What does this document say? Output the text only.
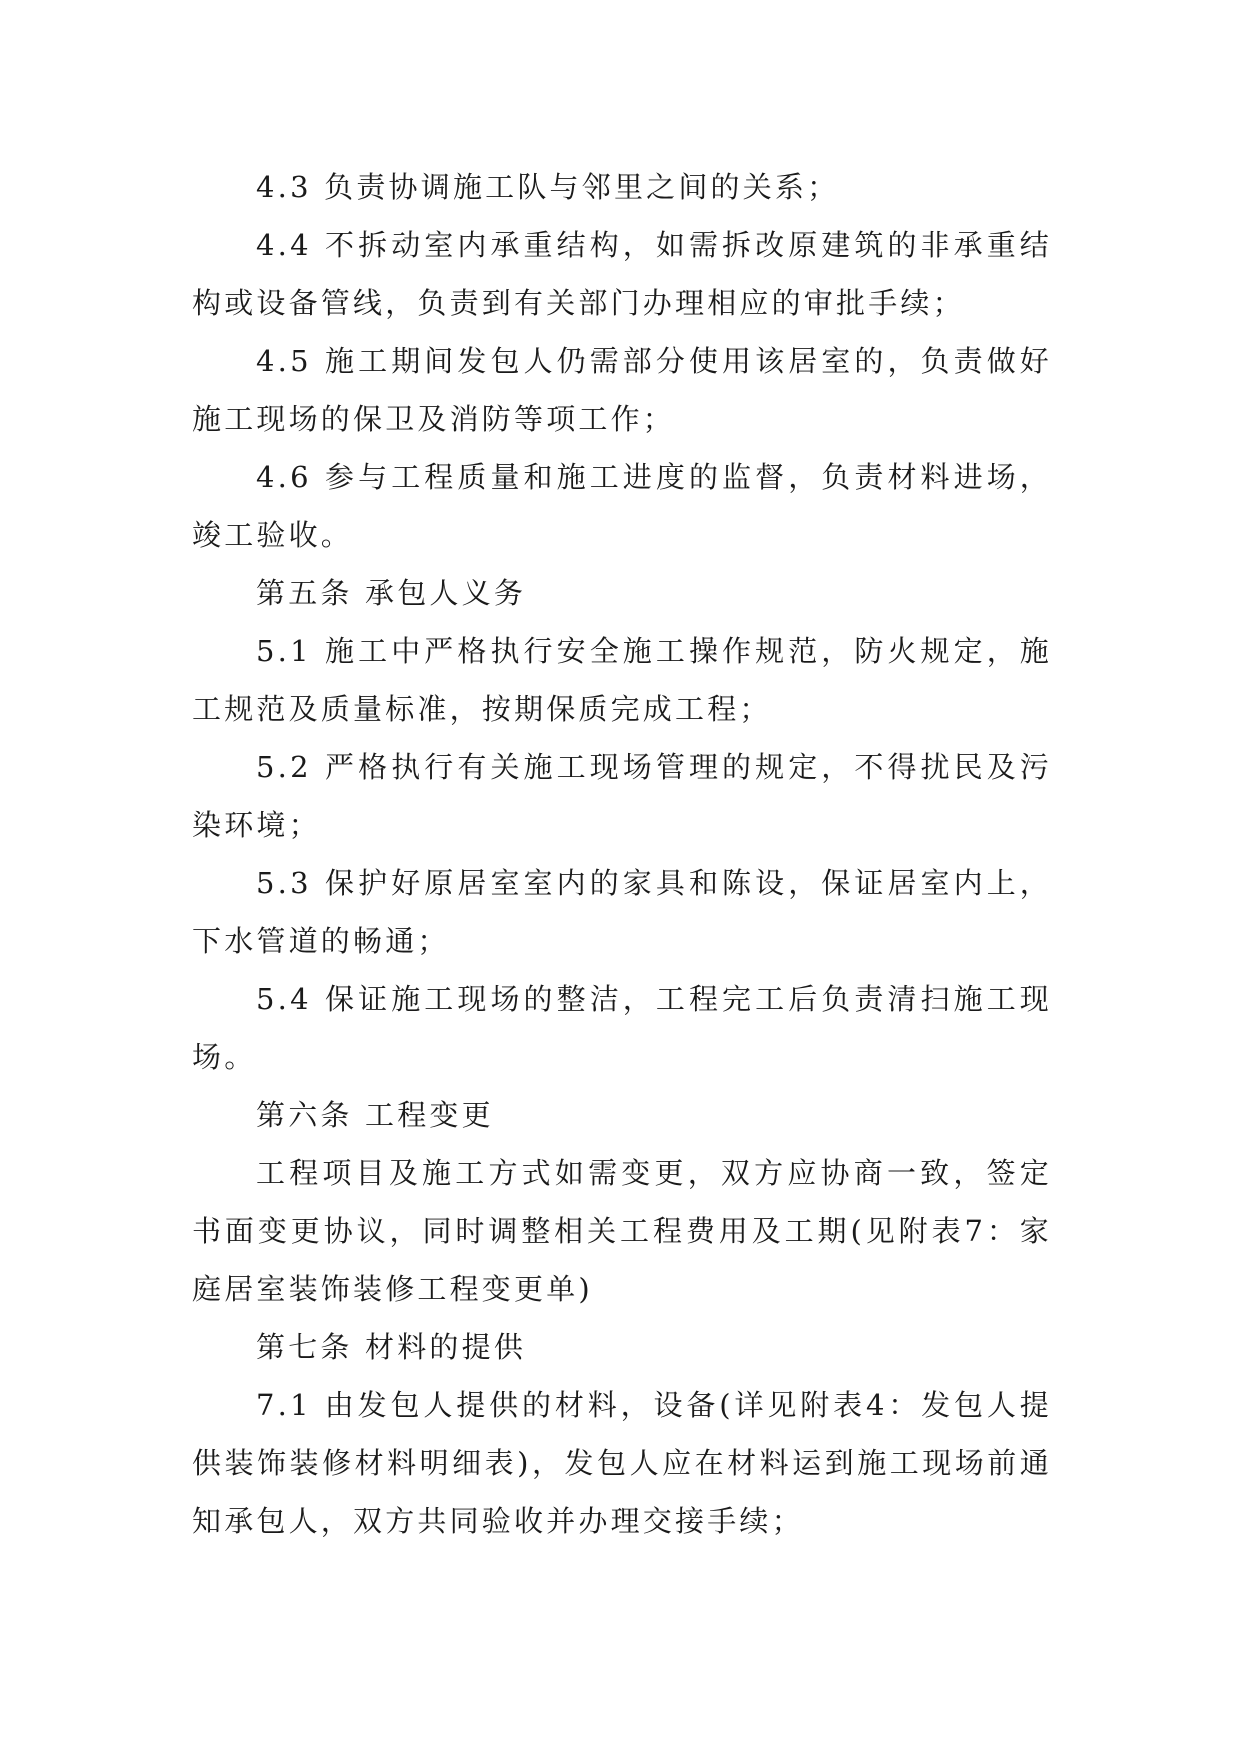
4.3 负责协调施工队与邻里之间的关系；

4.4 不拆动室内承重结构，如需拆改原建筑的非承重结构或设备管线，负责到有关部门办理相应的审批手续；

4.5 施工期间发包人仍需部分使用该居室的，负责做好施工现场的保卫及消防等项工作；

4.6 参与工程质量和施工进度的监督，负责材料进场，竣工验收。

第五条 承包人义务

5.1 施工中严格执行安全施工操作规范，防火规定，施工规范及质量标准，按期保质完成工程；

5.2 严格执行有关施工现场管理的规定，不得扰民及污染环境；

5.3 保护好原居室室内的家具和陈设，保证居室内上，下水管道的畅通；

5.4 保证施工现场的整洁，工程完工后负责清扫施工现场。

第六条 工程变更

工程项目及施工方式如需变更，双方应协商一致，签定书面变更协议，同时调整相关工程费用及工期(见附表7：家庭居室装饰装修工程变更单)

第七条 材料的提供

7.1 由发包人提供的材料，设备(详见附表4：发包人提供装饰装修材料明细表)，发包人应在材料运到施工现场前通知承包人，双方共同验收并办理交接手续；
